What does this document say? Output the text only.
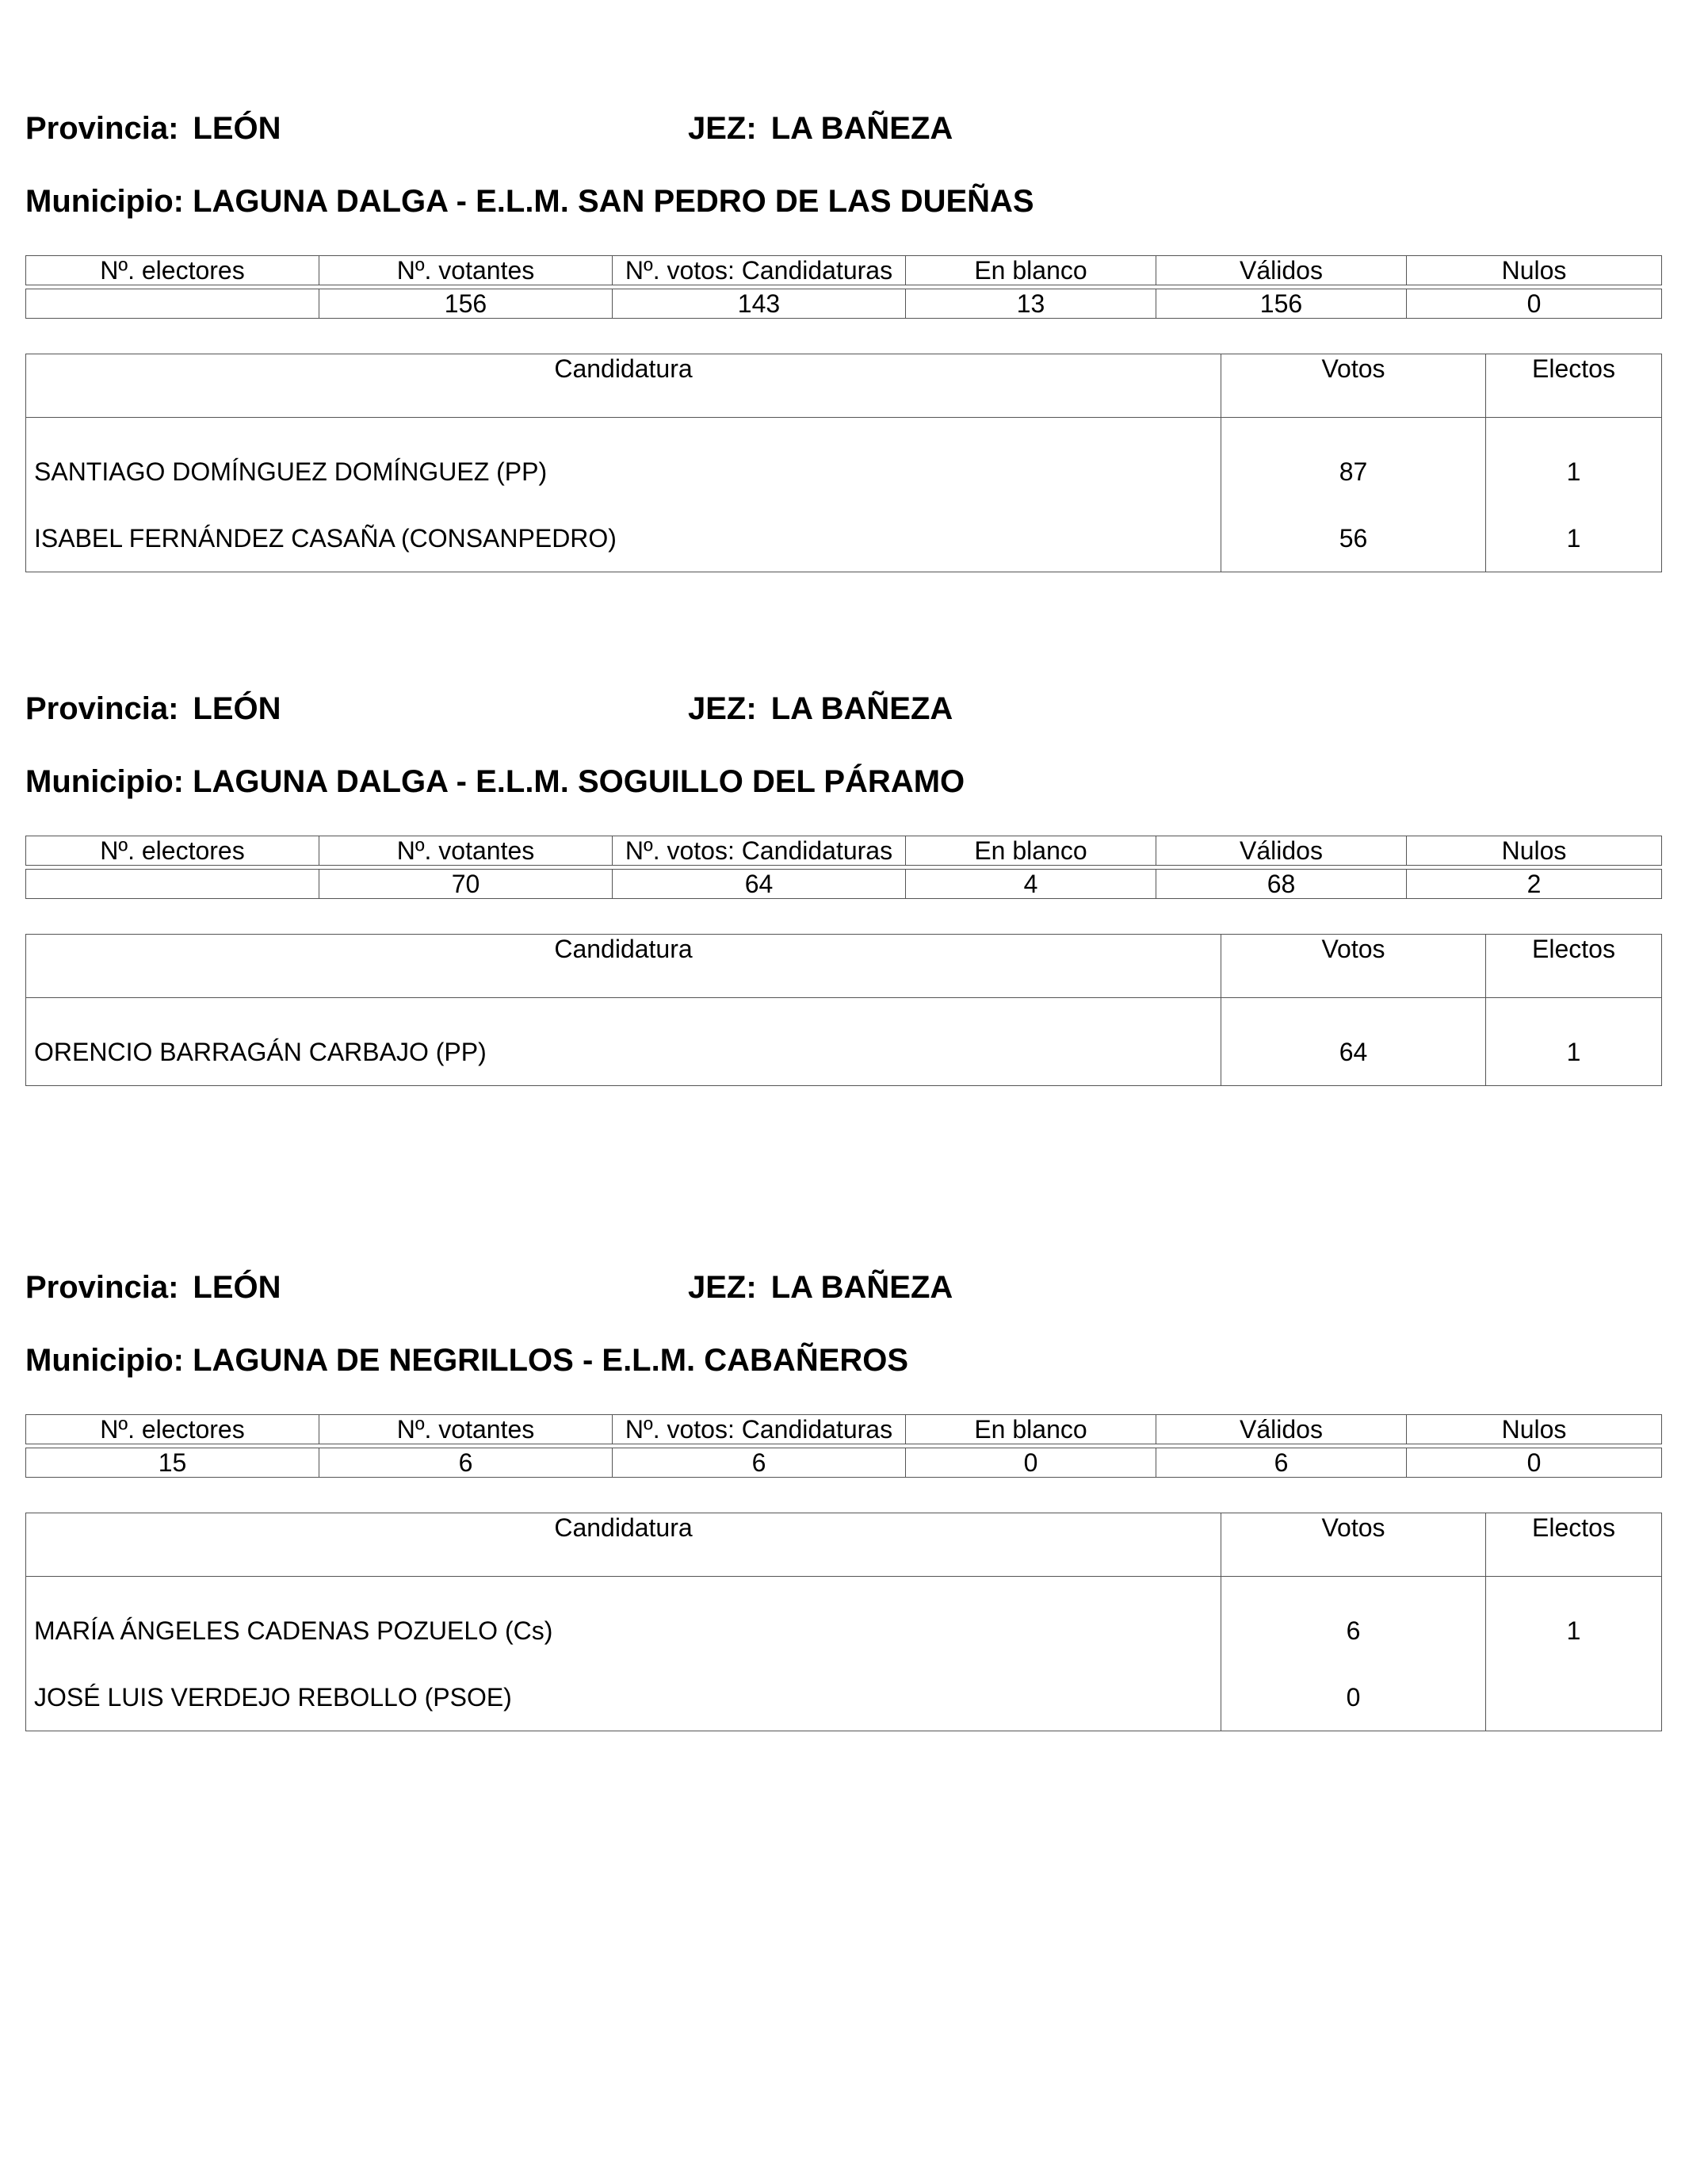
Provincia: LEÓN	JEZ: LA BAÑEZA
Municipio: LAGUNA DALGA - E.L.M. SAN PEDRO DE LAS DUEÑAS
Nº. electores	Nº. votantes	Nº. votos: Candidaturas	En blanco	Válidos	Nulos

	156	143	13	156	0
Candidatura	Votos	Electos
SANTIAGO DOMÍNGUEZ DOMÍNGUEZ (PP)	87	1
ISABEL FERNÁNDEZ CASAÑA (CONSANPEDRO)	56	1
Provincia: LEÓN	JEZ: LA BAÑEZA
Municipio: LAGUNA DALGA - E.L.M. SOGUILLO DEL PÁRAMO
Nº. electores	Nº. votantes	Nº. votos: Candidaturas	En blanco	Válidos	Nulos

	70	64	4	68	2
Candidatura	Votos	Electos
ORENCIO BARRAGÁN CARBAJO (PP)	64	1
Provincia: LEÓN	JEZ: LA BAÑEZA
Municipio: LAGUNA DE NEGRILLOS - E.L.M. CABAÑEROS
Nº. electores	Nº. votantes	Nº. votos: Candidaturas	En blanco	Válidos	Nulos

15	6	6	0	6	0
Candidatura	Votos	Electos
MARÍA ÁNGELES CADENAS POZUELO (Cs)	6	1
JOSÉ LUIS VERDEJO REBOLLO (PSOE)	0	
